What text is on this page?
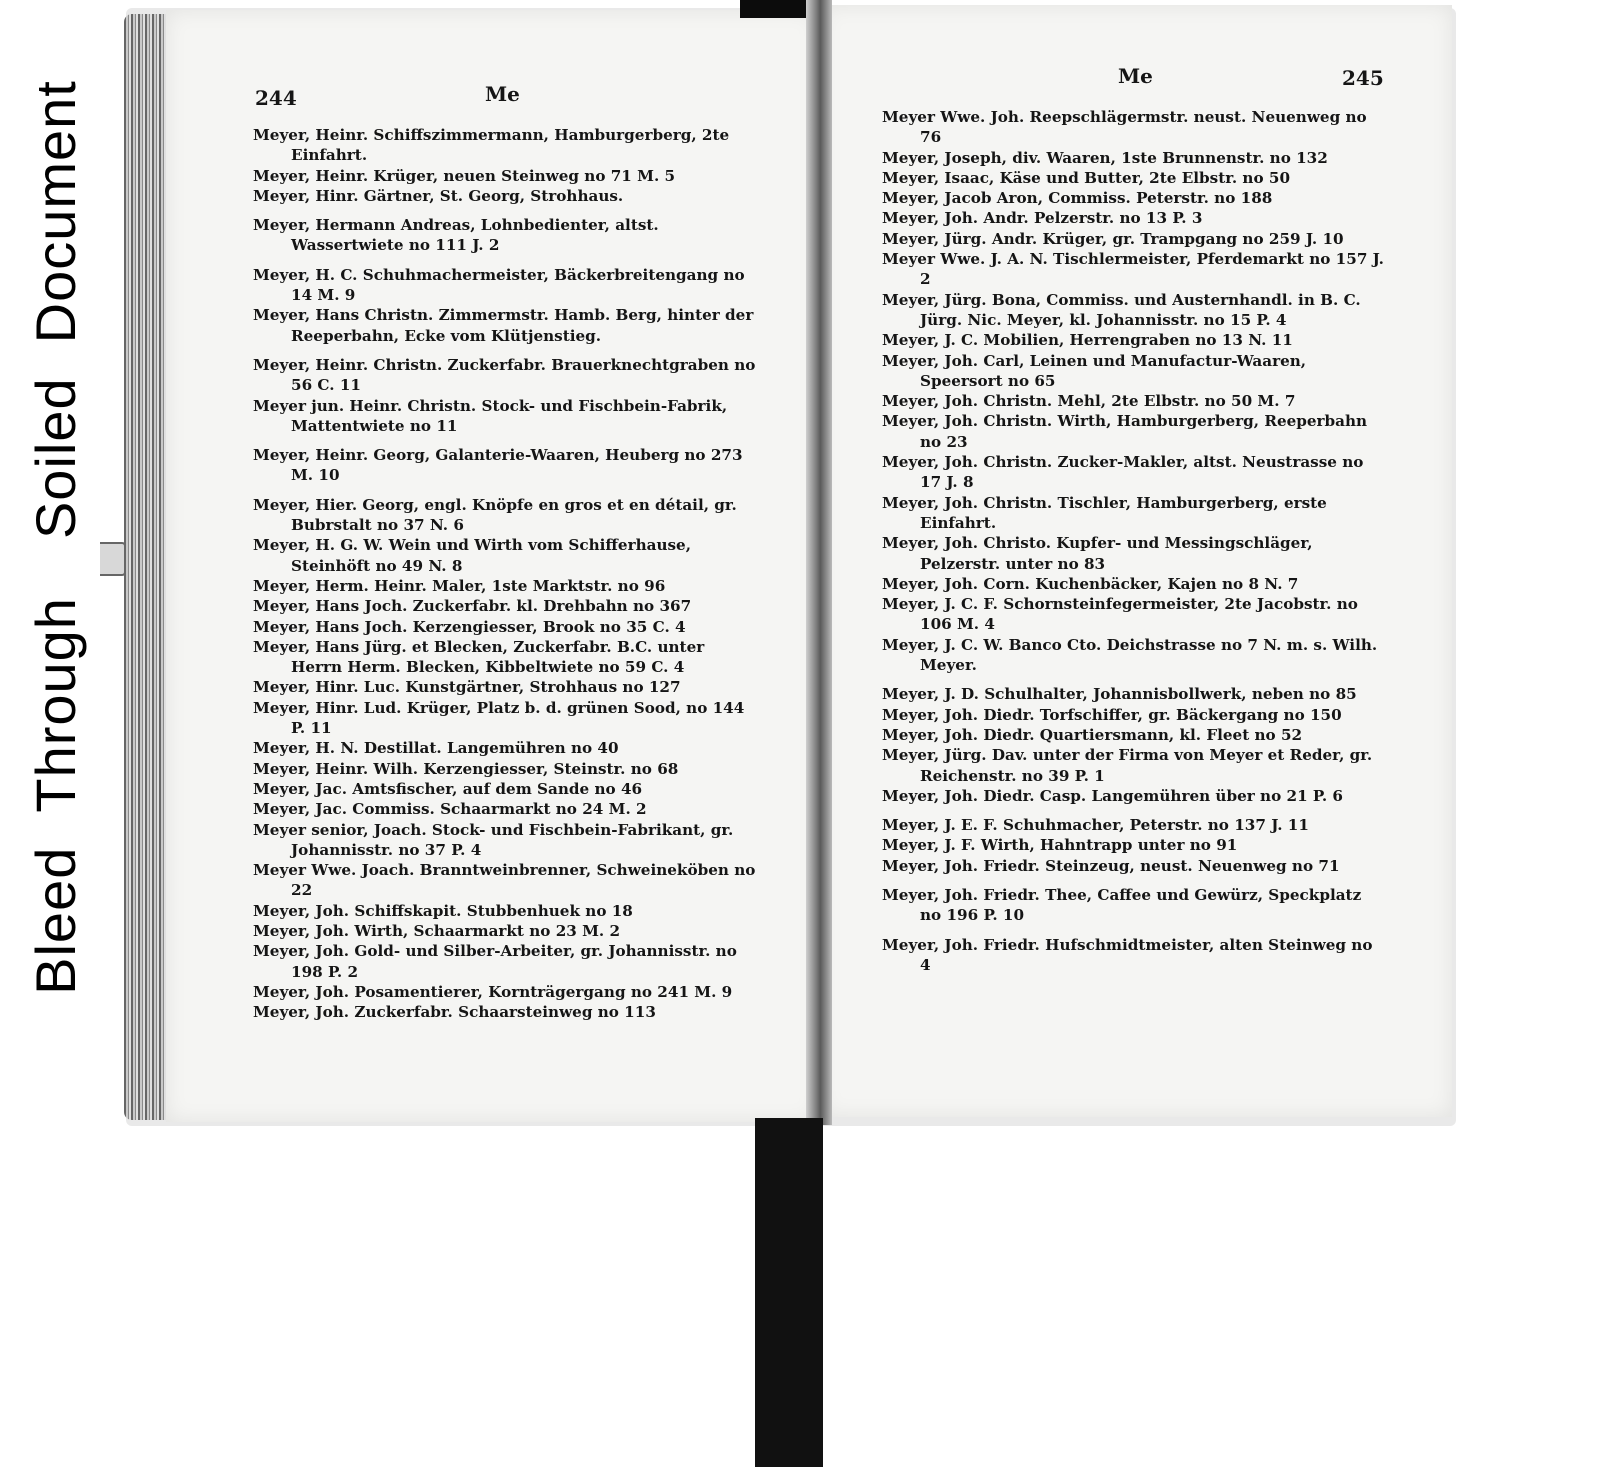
BleedThroughSoiledDocument	244	Me
Me	245

Meyer, Heinr. Schiffszimmermann, Hamburgerberg, 2te Einfahrt.

Meyer, Heinr. Krüger, neuen Steinweg no 71 M. 5

Meyer, Hinr. Gärtner, St. Georg, Strohhaus.

Meyer, Hermann Andreas, Lohnbedienter, altst. Wassertwiete no 111 J. 2

Meyer, H. C. Schuhmachermeister, Bäckerbreitengang no 14 M. 9

Meyer, Hans Christn. Zimmermstr. Hamb. Berg, hinter der Reeperbahn, Ecke vom Klütjenstieg.

Meyer, Heinr. Christn. Zuckerfabr. Brauerknechtgraben no 56 C. 11

Meyer jun. Heinr. Christn. Stock- und Fischbein-Fabrik, Mattentwiete no 11

Meyer, Heinr. Georg, Galanterie-Waaren, Heuberg no 273 M. 10

Meyer, Hier. Georg, engl. Knöpfe en gros et en détail, gr. Bubrstalt no 37 N. 6

Meyer, H. G. W. Wein und Wirth vom Schifferhause, Steinhöft no 49 N. 8

Meyer, Herm. Heinr. Maler, 1ste Marktstr. no 96

Meyer, Hans Joch. Zuckerfabr. kl. Drehbahn no 367

Meyer, Hans Joch. Kerzengiesser, Brook no 35 C. 4

Meyer, Hans Jürg. et Blecken, Zuckerfabr. B.C. unter Herrn Herm. Blecken, Kibbeltwiete no 59 C. 4

Meyer, Hinr. Luc. Kunstgärtner, Strohhaus no 127

Meyer, Hinr. Lud. Krüger, Platz b. d. grünen Sood, no 144 P. 11

Meyer, H. N. Destillat. Langemühren no 40

Meyer, Heinr. Wilh. Kerzengiesser, Steinstr. no 68

Meyer, Jac. Amtsfischer, auf dem Sande no 46

Meyer, Jac. Commiss. Schaarmarkt no 24 M. 2

Meyer senior, Joach. Stock- und Fischbein-Fabrikant, gr. Johannisstr. no 37 P. 4

Meyer Wwe. Joach. Branntweinbrenner, Schweineköben no 22

Meyer, Joh. Schiffskapit. Stubbenhuek no 18

Meyer, Joh. Wirth, Schaarmarkt no 23 M. 2

Meyer, Joh. Gold- und Silber-Arbeiter, gr. Johannisstr. no 198 P. 2

Meyer, Joh. Posamentierer, Kornträgergang no 241 M. 9

Meyer, Joh. Zuckerfabr. Schaarsteinweg no 113

Meyer Wwe. Joh. Reepschlägermstr. neust. Neuenweg no 76

Meyer, Joseph, div. Waaren, 1ste Brunnenstr. no 132

Meyer, Isaac, Käse und Butter, 2te Elbstr. no 50

Meyer, Jacob Aron, Commiss. Peterstr. no 188

Meyer, Joh. Andr. Pelzerstr. no 13 P. 3

Meyer, Jürg. Andr. Krüger, gr. Trampgang no 259 J. 10

Meyer Wwe. J. A. N. Tischlermeister, Pferdemarkt no 157 J. 2

Meyer, Jürg. Bona, Commiss. und Austernhandl. in B. C. Jürg. Nic. Meyer, kl. Johannisstr. no 15 P. 4

Meyer, J. C. Mobilien, Herrengraben no 13 N. 11

Meyer, Joh. Carl, Leinen und Manufactur-Waaren, Speersort no 65

Meyer, Joh. Christn. Mehl, 2te Elbstr. no 50 M. 7

Meyer, Joh. Christn. Wirth, Hamburgerberg, Reeperbahn no 23

Meyer, Joh. Christn. Zucker-Makler, altst. Neustrasse no 17 J. 8

Meyer, Joh. Christn. Tischler, Hamburgerberg, erste Einfahrt.

Meyer, Joh. Christo. Kupfer- und Messingschläger, Pelzerstr. unter no 83

Meyer, Joh. Corn. Kuchenbäcker, Kajen no 8 N. 7

Meyer, J. C. F. Schornsteinfegermeister, 2te Jacobstr. no 106 M. 4

Meyer, J. C. W. Banco Cto. Deichstrasse no 7 N. m. s. Wilh. Meyer.

Meyer, J. D. Schulhalter, Johannisbollwerk, neben no 85

Meyer, Joh. Diedr. Torfschiffer, gr. Bäckergang no 150

Meyer, Joh. Diedr. Quartiersmann, kl. Fleet no 52

Meyer, Jürg. Dav. unter der Firma von Meyer et Reder, gr. Reichenstr. no 39 P. 1

Meyer, Joh. Diedr. Casp. Langemühren über no 21 P. 6

Meyer, J. E. F. Schuhmacher, Peterstr. no 137 J. 11

Meyer, J. F. Wirth, Hahntrapp unter no 91

Meyer, Joh. Friedr. Steinzeug, neust. Neuenweg no 71

Meyer, Joh. Friedr. Thee, Caffee und Gewürz, Speckplatz no 196 P. 10

Meyer, Joh. Friedr. Hufschmidtmeister, alten Steinweg no 4
